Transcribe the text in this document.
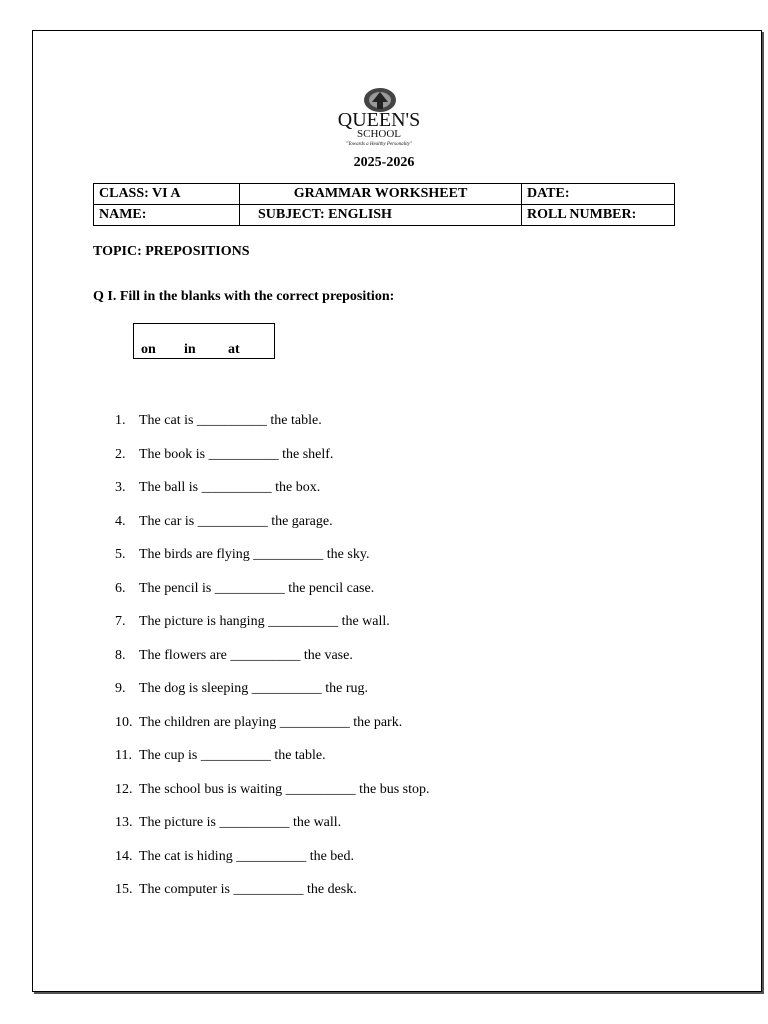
QUEEN'S
SCHOOL
"Towards a Healthy Personality"
2025-2026
CLASS: VI A	GRAMMAR WORKSHEET	DATE:
NAME:	SUBJECT: ENGLISH	ROLL NUMBER:
TOPIC: PREPOSITIONS
Q I. Fill in the blanks with the correct preposition:
on in at
1. The cat is __________ the table.
2. The book is __________ the shelf.
3. The ball is __________ the box.
4. The car is __________ the garage.
5. The birds are flying __________ the sky.
6. The pencil is __________ the pencil case.
7. The picture is hanging __________ the wall.
8. The flowers are __________ the vase.
9. The dog is sleeping __________ the rug.
10. The children are playing __________ the park.
11. The cup is __________ the table.
12. The school bus is waiting __________ the bus stop.
13. The picture is __________ the wall.
14. The cat is hiding __________ the bed.
15. The computer is __________ the desk.
